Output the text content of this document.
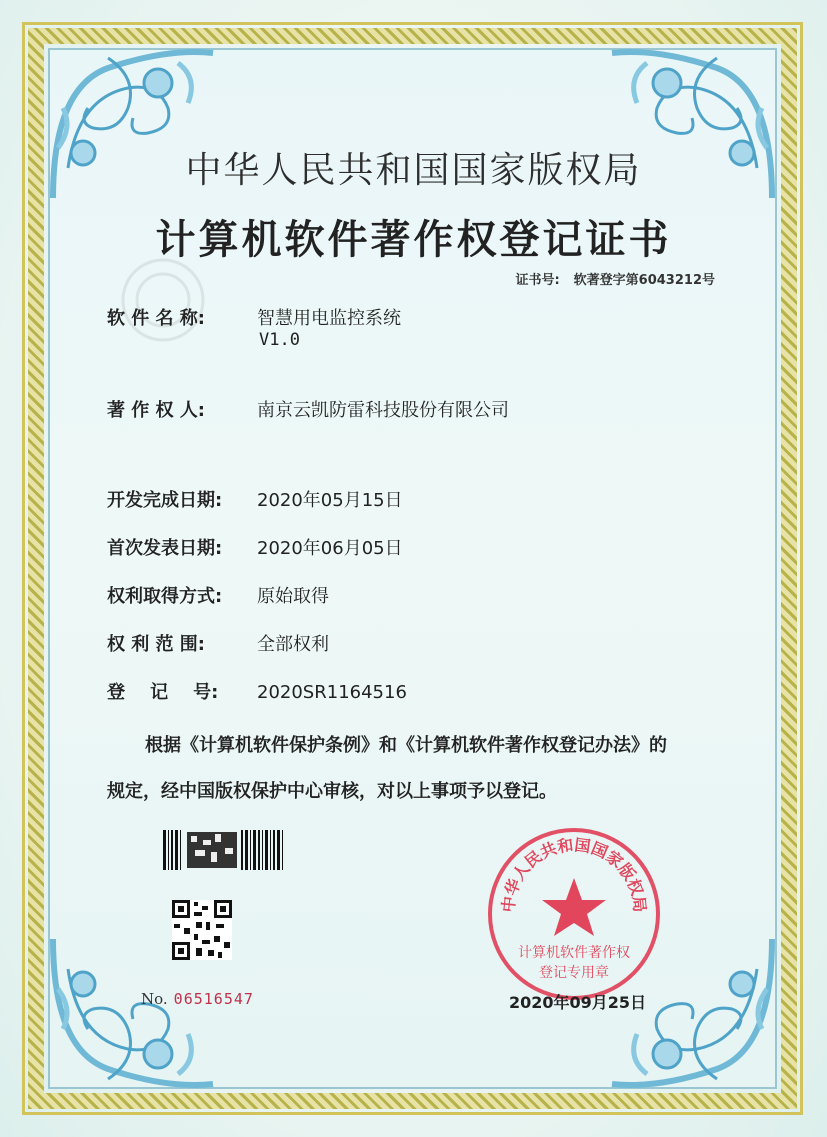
中华人民共和国国家版权局
计算机软件著作权登记证书
证书号: 软著登字第6043212号
软 件 名 称:	智慧用电监控系统
V1.0
著 作 权 人:	南京云凯防雷科技股份有限公司
开发完成日期: 2020年05月15日
首次发表日期: 2020年06月05日
权利取得方式: 原始取得
权 利 范 围:	全部权利
登    记    号: 2020SR1164516
根据《计算机软件保护条例》和《计算机软件著作权登记办法》的
规定，经中国版权保护中心审核，对以上事项予以登记。
No. 06516547
中华人民共和国国家版权局
计算机软件著作权
登记专用章
2020年09月25日
